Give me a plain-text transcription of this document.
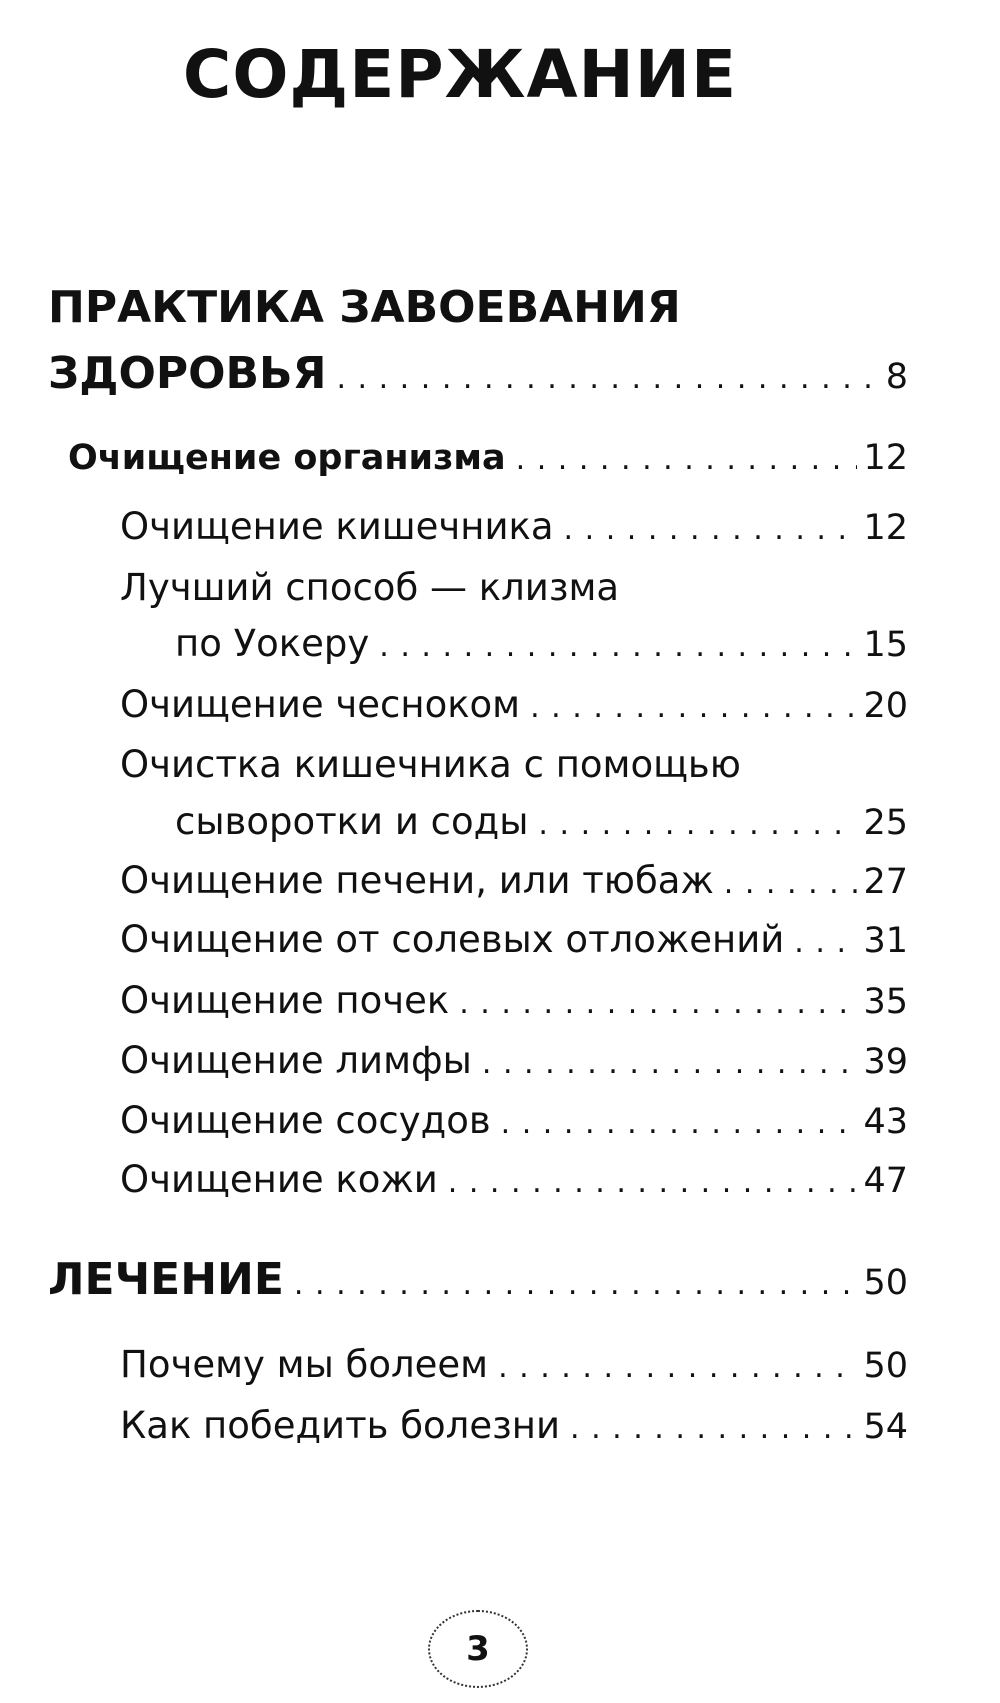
СОДЕРЖАНИЕ
ПРАКТИКА ЗАВОЕВАНИЯ
ЗДОРОВЬЯ . . .	8
Очищение организма . . .	12
Очищение кишечника . . .	12
Лучший способ — клизма
по Уокеру . . .	15
Очищение чесноком . . .	20
Очистка кишечника с помощью
сыворотки и соды . . .	25
Очищение печени, или тюбаж . . .	27
Очищение от солевых отложений . . . 31
Очищение почек . . .	35
Очищение лимфы . . .	39
Очищение сосудов . . .	43
Очищение кожи . . .	47
ЛЕЧЕНИЕ . . .	50
Почему мы болеем . . .	50
Как победить болезни . . .	54
3
